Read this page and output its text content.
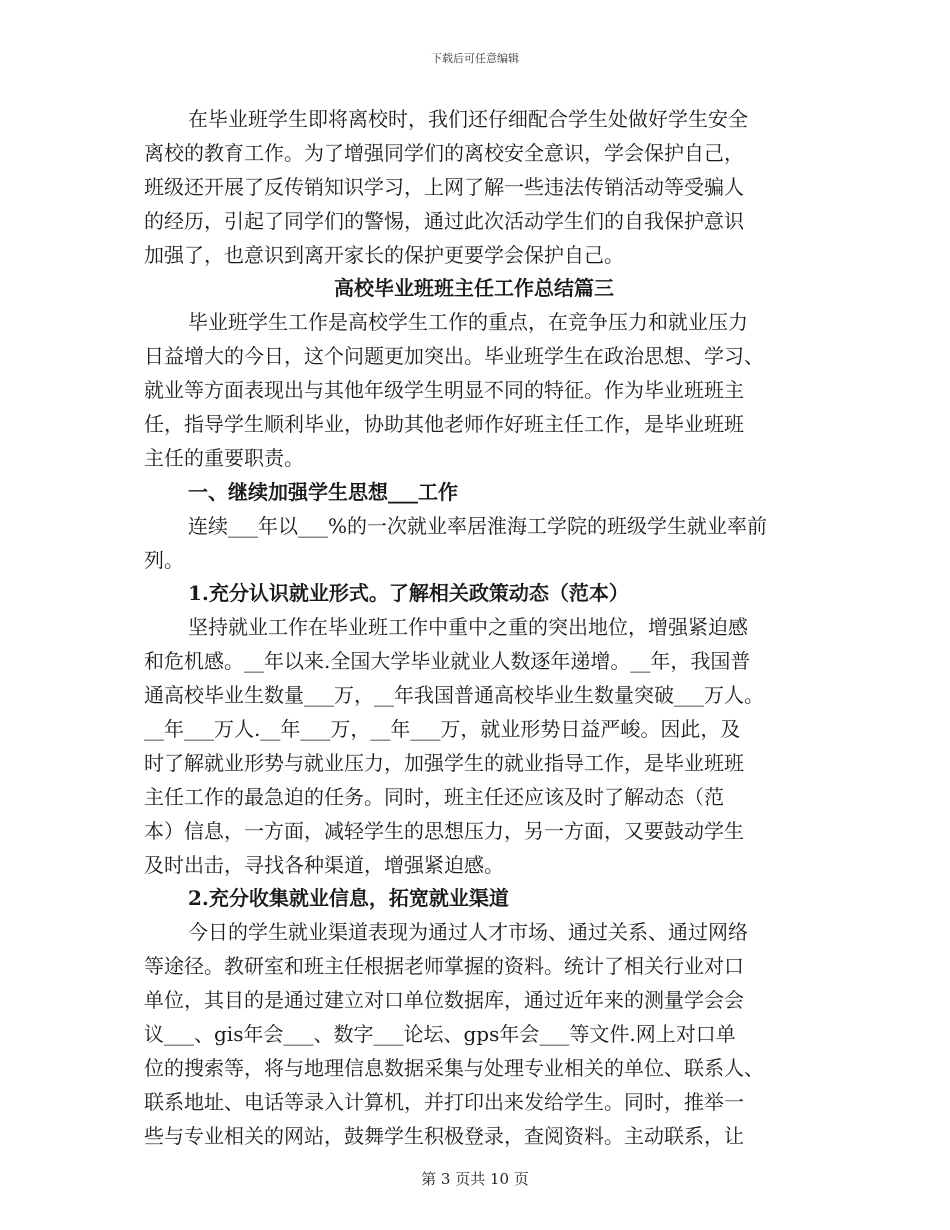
下载后可任意编辑
在毕业班学生即将离校时，我们还仔细配合学生处做好学生安全
离校的教育工作。为了增强同学们的离校安全意识，学会保护自己，
班级还开展了反传销知识学习，上网了解一些违法传销活动等受骗人
的经历，引起了同学们的警惕，通过此次活动学生们的自我保护意识
加强了，也意识到离开家长的保护更要学会保护自己。
高校毕业班班主任工作总结篇三
毕业班学生工作是高校学生工作的重点，在竞争压力和就业压力
日益增大的今日，这个问题更加突出。毕业班学生在政治思想、学习、
就业等方面表现出与其他年级学生明显不同的特征。作为毕业班班主
任，指导学生顺利毕业，协助其他老师作好班主任工作，是毕业班班
主任的重要职责。
一、继续加强学生思想___工作
连续___年以___%的一次就业率居淮海工学院的班级学生就业率前
列。
1.充分认识就业形式。了解相关政策动态（范本）
坚持就业工作在毕业班工作中重中之重的突出地位，增强紧迫感
和危机感。__年以来.全国大学毕业就业人数逐年递增。__年，我国普
通高校毕业生数量___万，__年我国普通高校毕业生数量突破___万人。
__年___万人.__年___万，__年___万，就业形势日益严峻。因此，及
时了解就业形势与就业压力，加强学生的就业指导工作，是毕业班班
主任工作的最急迫的任务。同时，班主任还应该及时了解动态（范
本）信息，一方面，减轻学生的思想压力，另一方面，又要鼓动学生
及时出击，寻找各种渠道，增强紧迫感。
2.充分收集就业信息，拓宽就业渠道
今日的学生就业渠道表现为通过人才市场、通过关系、通过网络
等途径。教研室和班主任根据老师掌握的资料。统计了相关行业对口
单位，其目的是通过建立对口单位数据库，通过近年来的测量学会会
议___、gis年会___、数字___论坛、gps年会___等文件.网上对口单
位的搜索等，将与地理信息数据采集与处理专业相关的单位、联系人、
联系地址、电话等录入计算机，并打印出来发给学生。同时，推举一
些与专业相关的网站，鼓舞学生积极登录，查阅资料。主动联系，让
第 3 页共 10 页
